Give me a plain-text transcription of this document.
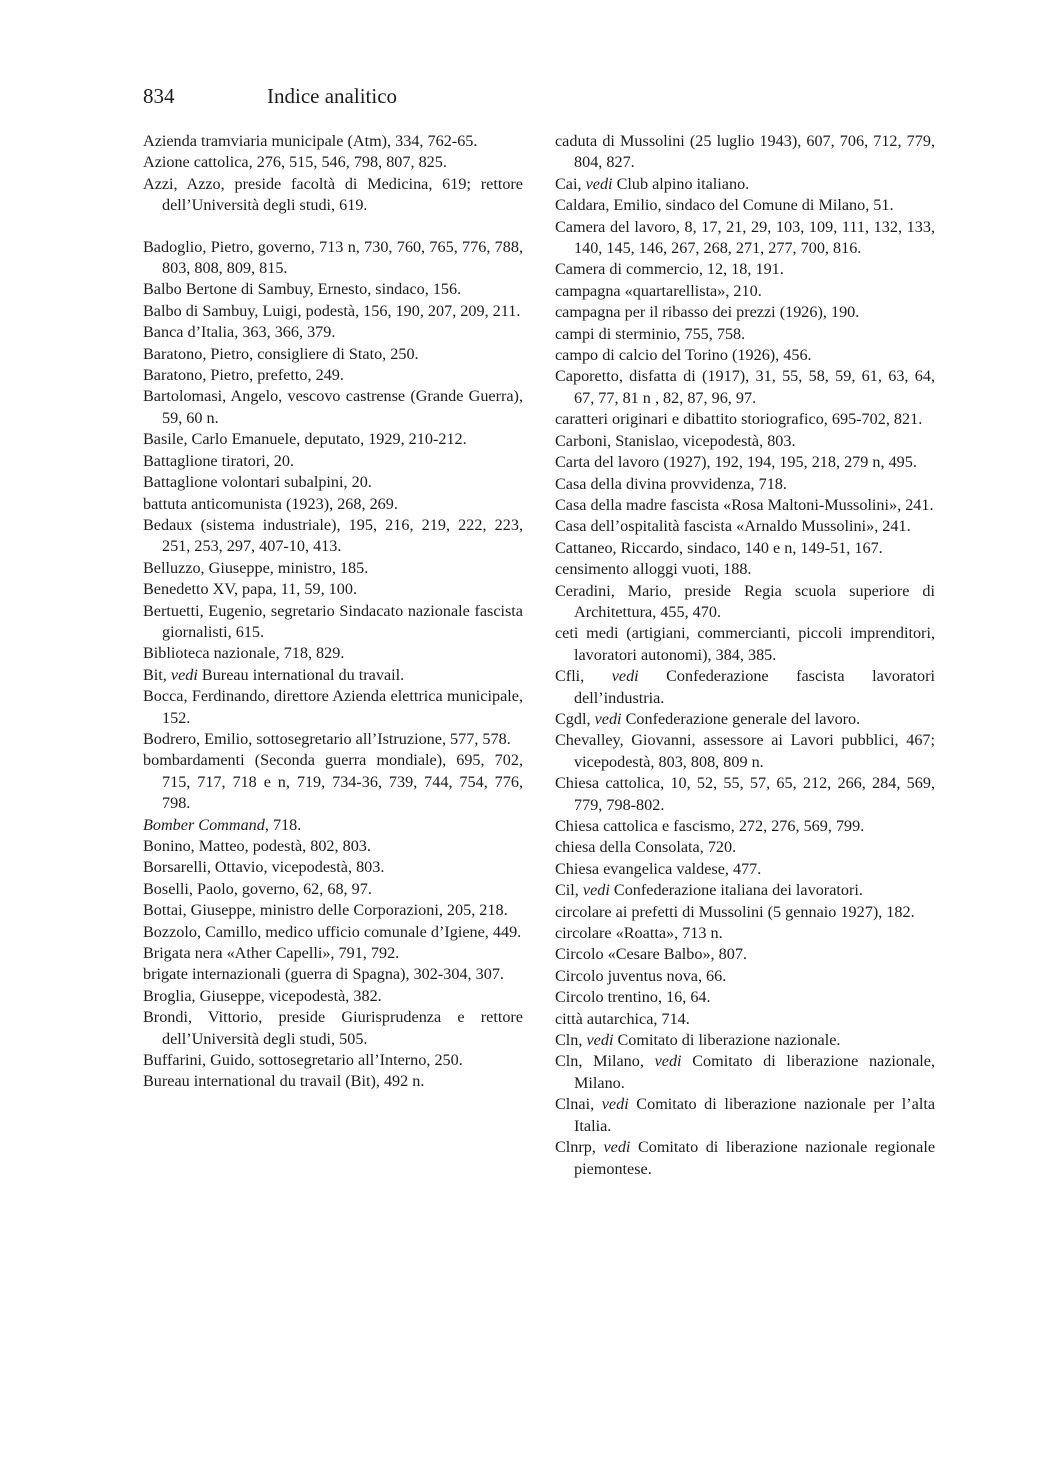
834	Indice analitico
Azienda tramviaria municipale (Atm), 334, 762-65.
Azione cattolica, 276, 515, 546, 798, 807, 825.
Azzi, Azzo, preside facoltà di Medicina, 619; rettore dell’Università degli studi, 619.
Badoglio, Pietro, governo, 713 n, 730, 760, 765, 776, 788, 803, 808, 809, 815.
Balbo Bertone di Sambuy, Ernesto, sindaco, 156.
Balbo di Sambuy, Luigi, podestà, 156, 190, 207, 209, 211.
Banca d’Italia, 363, 366, 379.
Baratono, Pietro, consigliere di Stato, 250.
Baratono, Pietro, prefetto, 249.
Bartolomasi, Angelo, vescovo castrense (Grande Guerra), 59, 60 n.
Basile, Carlo Emanuele, deputato, 1929, 210-212.
Battaglione tiratori, 20.
Battaglione volontari subalpini, 20.
battuta anticomunista (1923), 268, 269.
Bedaux (sistema industriale), 195, 216, 219, 222, 223, 251, 253, 297, 407-10, 413.
Belluzzo, Giuseppe, ministro, 185.
Benedetto XV, papa, 11, 59, 100.
Bertuetti, Eugenio, segretario Sindacato nazionale fascista giornalisti, 615.
Biblioteca nazionale, 718, 829.
Bit, vedi Bureau international du travail.
Bocca, Ferdinando, direttore Azienda elettrica municipale, 152.
Bodrero, Emilio, sottosegretario all’Istruzione, 577, 578.
bombardamenti (Seconda guerra mondiale), 695, 702, 715, 717, 718 e n, 719, 734-36, 739, 744, 754, 776, 798.
Bomber Command, 718.
Bonino, Matteo, podestà, 802, 803.
Borsarelli, Ottavio, vicepodestà, 803.
Boselli, Paolo, governo, 62, 68, 97.
Bottai, Giuseppe, ministro delle Corporazioni, 205, 218.
Bozzolo, Camillo, medico ufficio comunale d’Igiene, 449.
Brigata nera «Ather Capelli», 791, 792.
brigate internazionali (guerra di Spagna), 302-304, 307.
Broglia, Giuseppe, vicepodestà, 382.
Brondi, Vittorio, preside Giurisprudenza e rettore dell’Università degli studi, 505.
Buffarini, Guido, sottosegretario all’Interno, 250.
Bureau international du travail (Bit), 492 n.
caduta di Mussolini (25 luglio 1943), 607, 706, 712, 779, 804, 827.
Cai, vedi Club alpino italiano.
Caldara, Emilio, sindaco del Comune di Milano, 51.
Camera del lavoro, 8, 17, 21, 29, 103, 109, 111, 132, 133, 140, 145, 146, 267, 268, 271, 277, 700, 816.
Camera di commercio, 12, 18, 191.
campagna «quartarellista», 210.
campagna per il ribasso dei prezzi (1926), 190.
campi di sterminio, 755, 758.
campo di calcio del Torino (1926), 456.
Caporetto, disfatta di (1917), 31, 55, 58, 59, 61, 63, 64, 67, 77, 81 n , 82, 87, 96, 97.
caratteri originari e dibattito storiografico, 695-702, 821.
Carboni, Stanislao, vicepodestà, 803.
Carta del lavoro (1927), 192, 194, 195, 218, 279 n, 495.
Casa della divina provvidenza, 718.
Casa della madre fascista «Rosa Maltoni-Mussolini», 241.
Casa dell’ospitalità fascista «Arnaldo Mussolini», 241.
Cattaneo, Riccardo, sindaco, 140 e n, 149-51, 167.
censimento alloggi vuoti, 188.
Ceradini, Mario, preside Regia scuola superiore di Architettura, 455, 470.
ceti medi (artigiani, commercianti, piccoli imprenditori, lavoratori autonomi), 384, 385.
Cfli, vedi Confederazione fascista lavoratori dell’industria.
Cgdl, vedi Confederazione generale del lavoro.
Chevalley, Giovanni, assessore ai Lavori pubblici, 467; vicepodestà, 803, 808, 809 n.
Chiesa cattolica, 10, 52, 55, 57, 65, 212, 266, 284, 569, 779, 798-802.
Chiesa cattolica e fascismo, 272, 276, 569, 799.
chiesa della Consolata, 720.
Chiesa evangelica valdese, 477.
Cil, vedi Confederazione italiana dei lavoratori.
circolare ai prefetti di Mussolini (5 gennaio 1927), 182.
circolare «Roatta», 713 n.
Circolo «Cesare Balbo», 807.
Circolo juventus nova, 66.
Circolo trentino, 16, 64.
città autarchica, 714.
Cln, vedi Comitato di liberazione nazionale.
Cln, Milano, vedi Comitato di liberazione nazionale, Milano.
Clnai, vedi Comitato di liberazione nazionale per l’alta Italia.
Clnrp, vedi Comitato di liberazione nazionale regionale piemontese.
